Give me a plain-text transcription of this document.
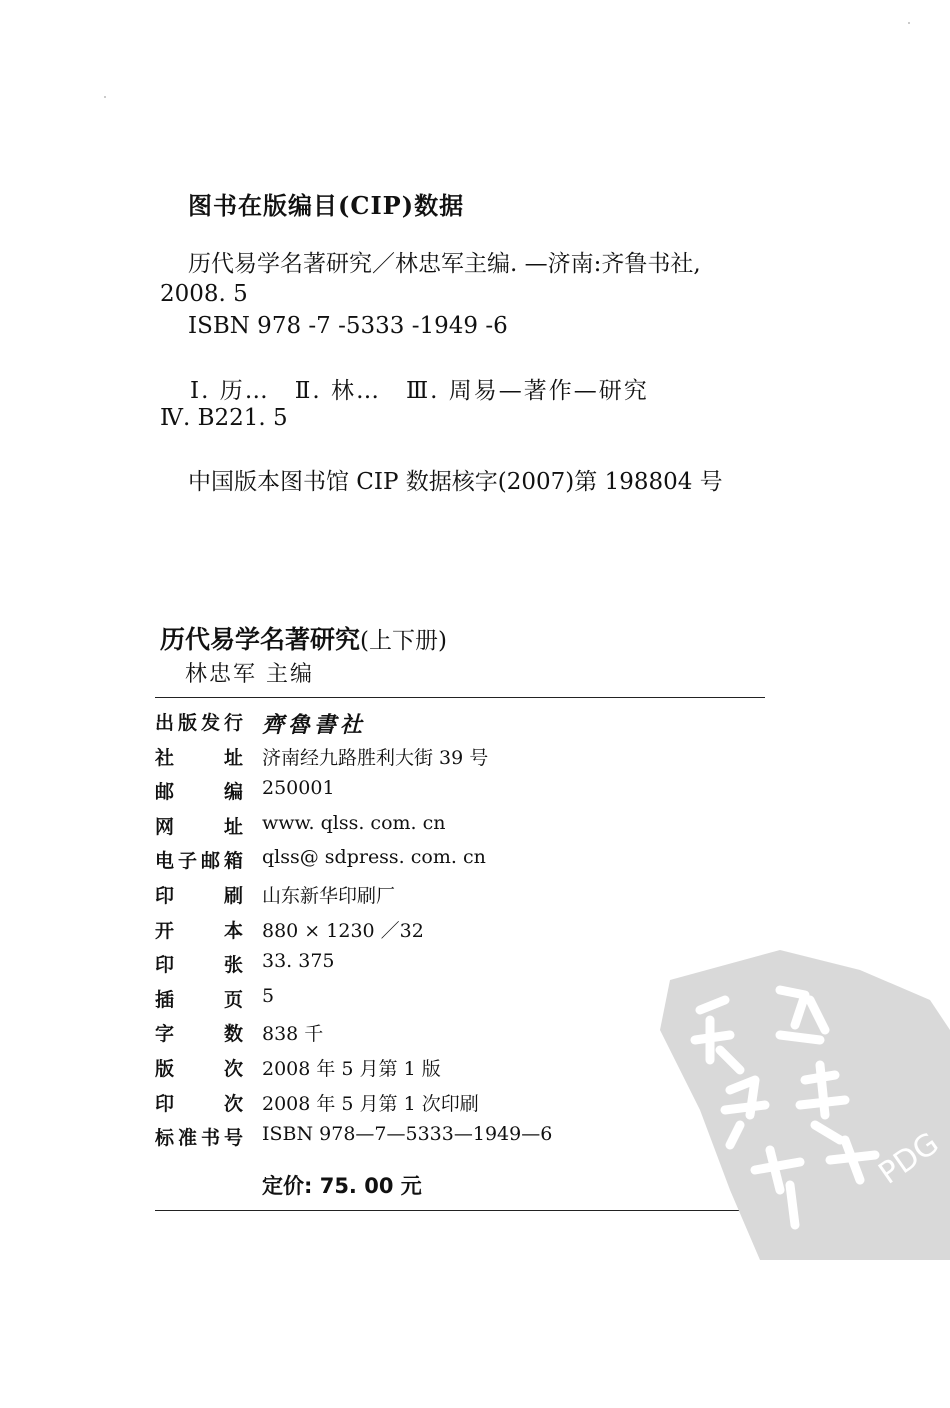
图书在版编目(CIP)数据
历代易学名著研究／林忠军主编. —济南:齐鲁书社,
2008. 5
ISBN 978 -7 -5333 -1949 -6
Ⅰ. 历…　Ⅱ. 林…　Ⅲ. 周易—著作—研究
Ⅳ. B221. 5
中国版本图书馆 CIP 数据核字(2007)第 198804 号
历代易学名著研究(上下册)
林忠军 主编
出版发行 齊魯書社
社址 济南经九路胜利大街 39 号
邮编 250001
网址 www. qlss. com. cn
电子邮箱 qlss@ sdpress. com. cn
印刷 山东新华印刷厂
开本 880 × 1230 ／32
印张 33. 375
插页 5
字数 838 千
版次 2008 年 5 月第 1 版
印次 2008 年 5 月第 1 次印刷
标准书号 ISBN 978—7—5333—1949—6
定价: 75. 00 元	PDG
